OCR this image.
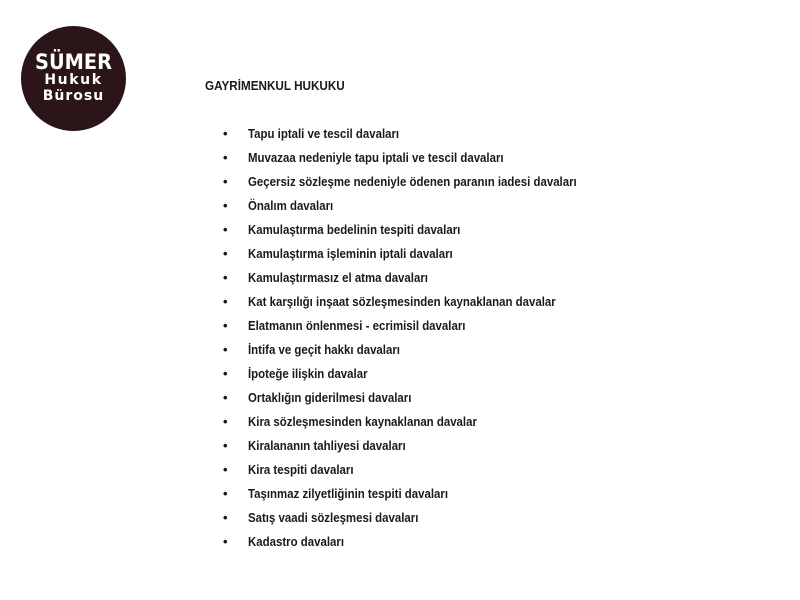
SÜMER
Hukuk
Bürosu
GAYRİMENKUL HUKUKU
• Tapu iptali ve tescil davaları
• Muvazaa nedeniyle tapu iptali ve tescil davaları
• Geçersiz sözleşme nedeniyle ödenen paranın iadesi davaları
• Önalım davaları
• Kamulaştırma bedelinin tespiti davaları
• Kamulaştırma işleminin iptali davaları
• Kamulaştırmasız el atma davaları
• Kat karşılığı inşaat sözleşmesinden kaynaklanan davalar
• Elatmanın önlenmesi - ecrimisil davaları
• İntifa ve geçit hakkı davaları
• İpoteğe ilişkin davalar
• Ortaklığın giderilmesi davaları
• Kira sözleşmesinden kaynaklanan davalar
• Kiralananın tahliyesi davaları
• Kira tespiti davaları
• Taşınmaz zilyetliğinin tespiti davaları
• Satış vaadi sözleşmesi davaları
• Kadastro davaları
